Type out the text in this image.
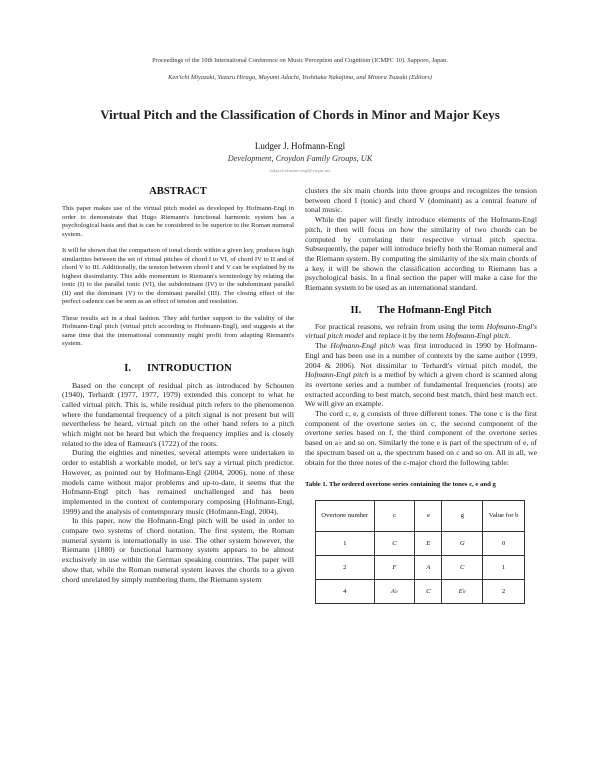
Proceedings of the 10th International Conference on Music Perception and Cognition (ICMPC 10). Sapporo, Japan.
Ken'ichi Miyazaki, Yuzuru Hiraga, Mayumi Adachi, Yoshitaka Nakajima, and Minoru Tsuzaki (Editors)
Virtual Pitch and the Classification of Chords in Minor and Major Keys
Ludger J. Hofmann-Engl
Development, Croydon Family Groups, UK
ludger.hofmann-engl@virgin.net
ABSTRACT

This paper makes use of the virtual pitch model as developed by Hofmann-Engl in order to demonstrate that Hugo Riemann's functional harmonic system has a psychological basis and that is can be considered to be superior to the Roman numeral system.

It will be shown that the comparison of tonal chords within a given key, produces high similarities between the set of virtual pitches of chord I to VI, of chord IV to II and of chord V to III. Additionally, the tension between chord I and V can be explained by its highest dissimilarity. This adds momentum to Riemann's terminology by relating the tonic (I) to the parallel tonic (VI), the subdominant (IV) to the subdominant parallel (II) and the dominant (V) to the dominant parallel (III). The closing effect of the perfect cadence can be seen as an effect of tension and resolution.

These results act in a dual fashion. They add further support to the validity of the Hofmann-Engl pitch (virtual pitch according to Hofmann-Engl), and suggests at the same time that the international community might profit from adapting Riemann's system.

I. INTRODUCTION

Based on the concept of residual pitch as introduced by Schouten (1940), Terhardt (1977, 1977, 1979) extended this concept to what he called virtual pitch. This is, while residual pitch refers to the phenomenon where the fundamental frequency of a pitch signal is not present but will nevertheless be heard, virtual pitch on the other hand refers to a pitch which might not be heard but which the frequency implies and is closely related to the idea of Rameau's (1722) of the roots.

During the eighties and nineties, several attempts were undertaken in order to establish a workable model, or let's say a virtual pitch predictor. However, as pointed out by Hofmann-Engl (2004, 2006), none of these models came without major problems and up-to-date, it seems that the Hofmann-Engl pitch has remained unchallenged and has been implemented in the context of contemporary composing (Hofmann-Engl, 1999) and the analysis of contemporary music (Hofmann-Engl, 2004).

In this paper, now the Hofmann-Engl pitch will be used in order to compare two systems of chord notation. The first system, the Roman numeral system is internationally in use. The other system however, the Riemann (1880) or functional harmony system appears to be almost exclusively in use within the German speaking countries. The paper will show that, while the Roman numeral system leaves the chords to a given chord unrelated by simply numbering them, the Riemann system

clusters the six main chords into three groups and recognizes the tension between chord I (tonic) and chord V (dominant) as a central feature of tonal music.

While the paper will firstly introduce elements of the Hofmann-Engl pitch, it then will focus on how the similarity of two chords can be computed by correlating their respective virtual pitch spectra. Subsequently, the paper will introduce briefly both the Roman numeral and the Riemann system. By computing the similarity of the six main chords of a key, it will be shown the classification according to Riemann has a psychological basis. In a final section the paper will make a case for the Riemann system to be used as an international standard.

II. The Hofmann-Engl Pitch

For practical reasons, we refrain from using the term Hofmann-Engl's virtual pitch model and replace it by the term Hofmann-Engl pitch.

The Hofmann-Engl pitch was first introduced in 1990 by Hofmann-Engl and has been use in a number of contexts by the same author (1999, 2004 & 2006). Not dissimilar to Terhardt's virtual pitch model, the Hofmann-Engl pitch is a methof by which a given chord is scanned along its overtone series and a number of fundamental frequencies (roots) are extracted according to best match, second best match, third best match ect. We will give an example.

The cord c, e, g consists of three different tones. The tone c is the first component of the overtone series on c, the second component of the overtone series based on f, the third component of the overtone series based on a♭ and so on. Similarly the tone e is part of the spectrum of e, of the spectrum based on a, the spectrum based on c and so on. All in all, we obtain for the three notes of the c-major chord the following table:

Table 1. The ordered overtone series containing the tones c, e and g

Overtone number	c	e	g	Value for b
1	C	E	G	0
2	F	A	C	1
4	A♭	C	E♭	2
